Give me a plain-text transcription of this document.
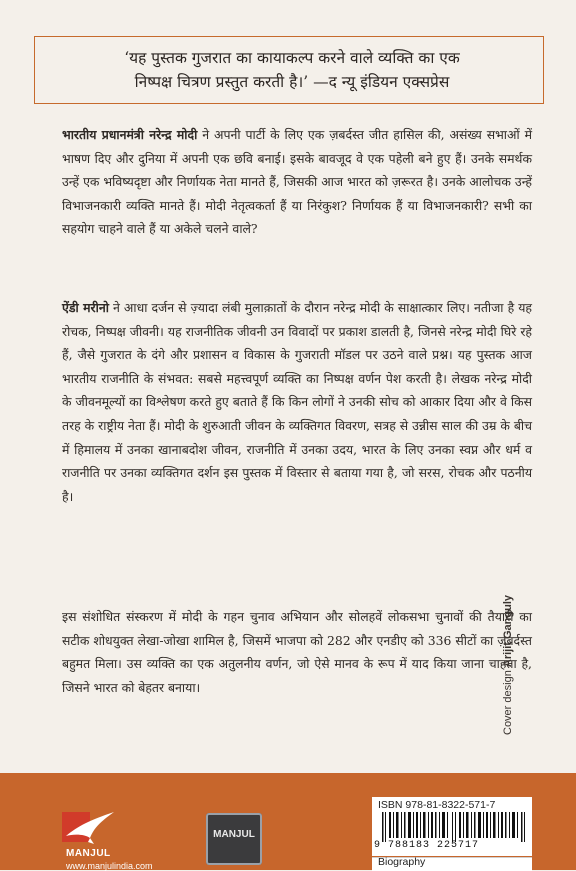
‘यह पुस्तक गुजरात का कायाकल्प करने वाले व्यक्ति का एक
निष्पक्ष चित्रण प्रस्तुत करती है।’ —द न्यू इंडियन एक्सप्रेस
भारतीय प्रधानमंत्री नरेन्द्र मोदी ने अपनी पार्टी के लिए एक ज़बर्दस्त जीत हासिल की, असंख्य सभाओं में भाषण दिए और दुनिया में अपनी एक छवि बनाई। इसके बावजूद वे एक पहेली बने हुए हैं। उनके समर्थक उन्हें एक भविष्यदृष्टा और निर्णायक नेता मानते हैं, जिसकी आज भारत को ज़रूरत है। उनके आलोचक उन्हें विभाजनकारी व्यक्ति मानते हैं। मोदी नेतृत्वकर्ता हैं या निरंकुश? निर्णायक हैं या विभाजनकारी? सभी का सहयोग चाहने वाले हैं या अकेले चलने वाले?
ऐंडी मरीनो ने आधा दर्जन से ज़्यादा लंबी मुलाक़ातों के दौरान नरेन्द्र मोदी के साक्षात्कार लिए। नतीजा है यह रोचक, निष्पक्ष जीवनी। यह राजनीतिक जीवनी उन विवादों पर प्रकाश डालती है, जिनसे नरेन्द्र मोदी घिरे रहे हैं, जैसे गुजरात के दंगे और प्रशासन व विकास के गुजराती मॉडल पर उठने वाले प्रश्न। यह पुस्तक आज भारतीय राजनीति के संभवत: सबसे महत्त्वपूर्ण व्यक्ति का निष्पक्ष वर्णन पेश करती है। लेखक नरेन्द्र मोदी के जीवनमूल्यों का विश्लेषण करते हुए बताते हैं कि किन लोगों ने उनकी सोच को आकार दिया और वे किस तरह के राष्ट्रीय नेता हैं। मोदी के शुरुआती जीवन के व्यक्तिगत विवरण, सत्रह से उन्नीस साल की उम्र के बीच में हिमालय में उनका खानाबदोश जीवन, राजनीति में उनका उदय, भारत के लिए उनका स्वप्न और धर्म व राजनीति पर उनका व्यक्तिगत दर्शन इस पुस्तक में विस्तार से बताया गया है, जो सरस, रोचक और पठनीय है।
इस संशोधित संस्करण में मोदी के गहन चुनाव अभियान और सोलहवें लोकसभा चुनावों की तैयारी का सटीक शोधयुक्त लेखा-जोखा शामिल है, जिसमें भाजपा को 282 और एनडीए को 336 सीटों का ज़बर्दस्त बहुमत मिला। उस व्यक्ति का एक अतुलनीय वर्णन, जो ऐसे मानव के रूप में याद किया जाना चाहता है, जिसने भारत को बेहतर बनाया।	Cover design Arijit Ganguly
MANJUL
www.manjulindia.com
MANJUL
ISBN 978-81-8322-571-7
9 788183 225717
Biography
